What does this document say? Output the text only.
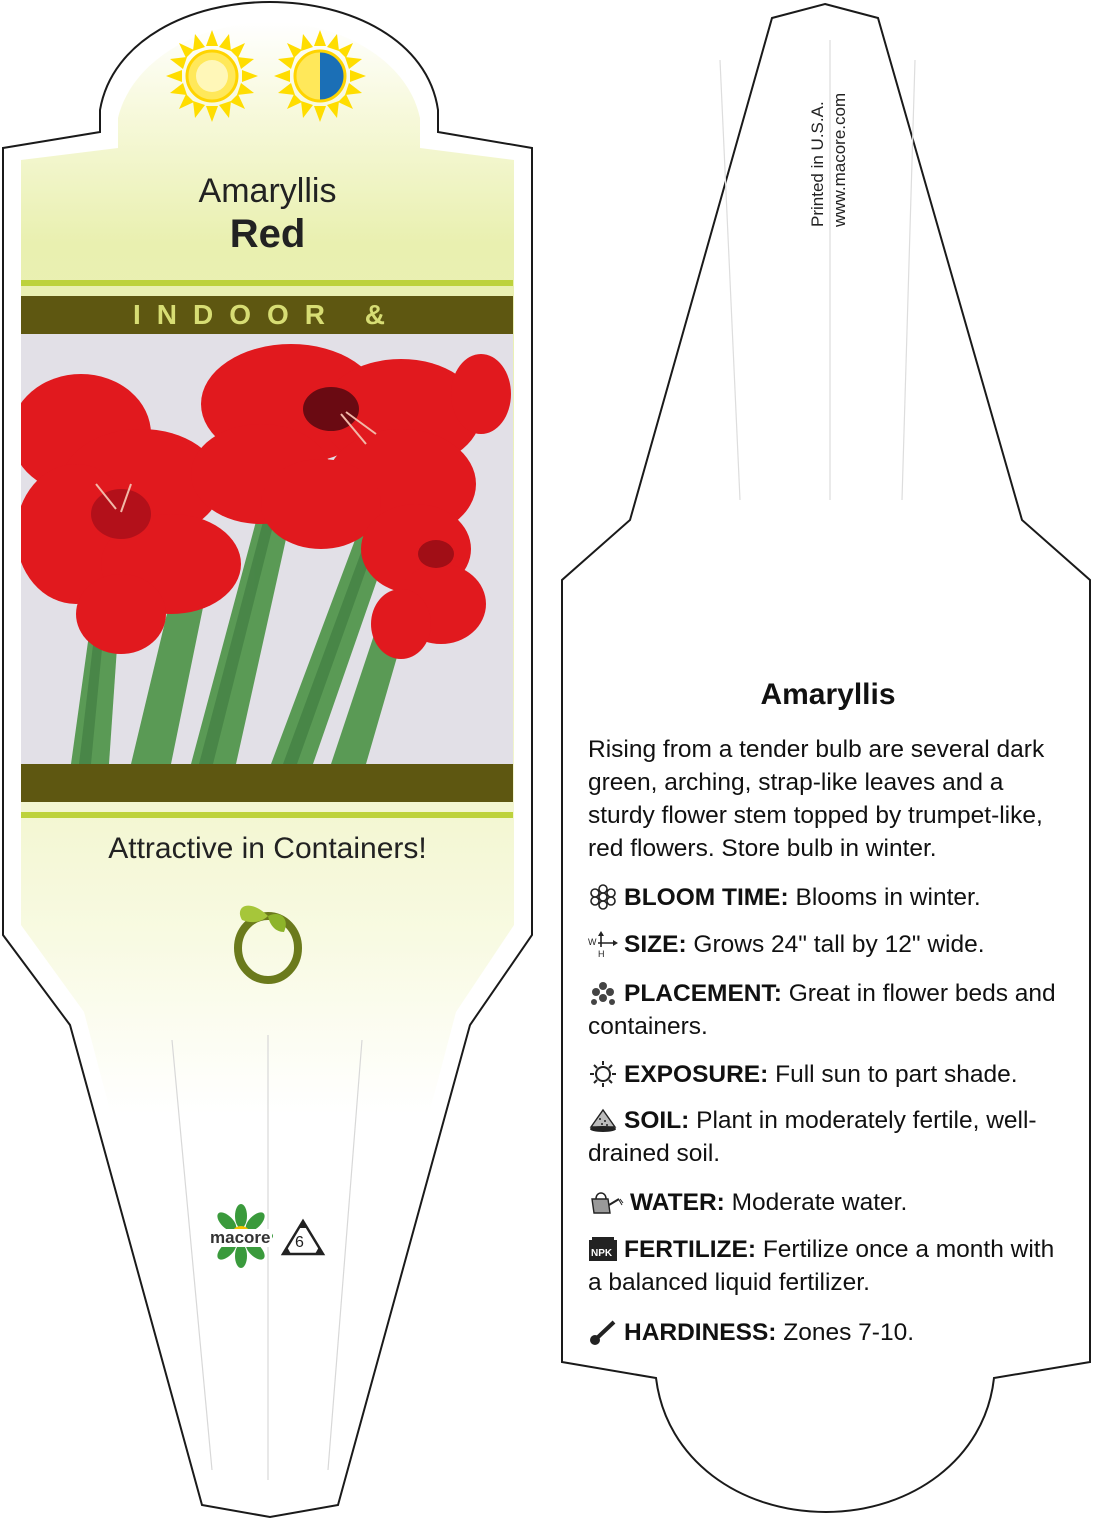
Amaryllis
Red
INDOOR &
Attractive in Containers!
macore 6
Printed in U.S.A. www.macore.com
Amaryllis
Rising from a tender bulb are several dark green, arching, strap-like leaves and a sturdy flower stem topped by trumpet-like, red flowers. Store bulb in winter.
BLOOM TIME: Blooms in winter.
W
H SIZE: Grows 24" tall by 12" wide.
PLACEMENT: Great in flower beds and containers.
EXPOSURE: Full sun to part shade.
SOIL: Plant in moderately fertile, well-drained soil.
WATER: Moderate water.
NPK FERTILIZE: Fertilize once a month with a balanced liquid fertilizer.
HARDINESS: Zones 7-10.
